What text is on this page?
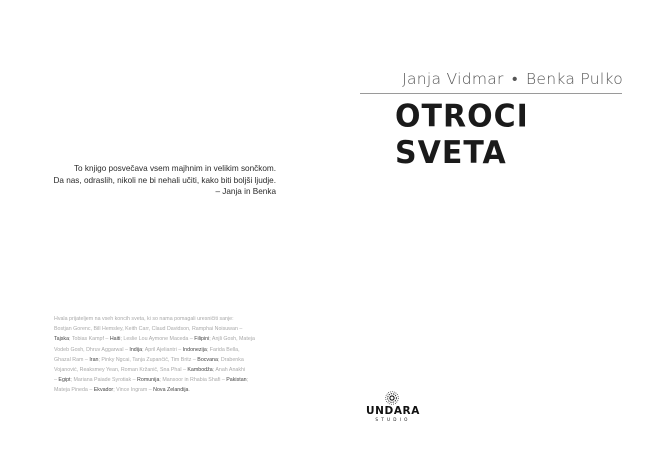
Janja Vidmar • Benka Pulko
OTROCI SVETA
To knjigo posvečava vsem majhnim in velikim sončkom.
Da nas, odraslih, nikoli ne bi nehali učiti, kako biti boljši ljudje.
– Janja in Benka
Hvala prijateljem na vseh koncih sveta, ki so nama pomagali uresničiti sanje:
Bostjan Gorenc, Bill Hemsley, Keith Carr, Claud Davidson, Ramphai Noisuwan –
Tajska; Tobias Kampf – Haiti; Leslie Lou Aymone Maceda – Filipini; Anjli Gosh, Mateja
Vodeb Gosh, Dhruv Aggarwal – Indija; April Ajeliantri – Indonezija; Farida Bella,
Ghazal Ram – Iran; Pinky Ngcai, Tanja Zupančič, Tim Britz – Bocvana; Drabenka
Vojanović, Reaksmey Yean, Roman Kržanič, Sna Phal – Kambodža; Anah Anakhi
– Egipt; Mariana Paiade Syrotiak – Romunija; Mansoor in Rhabia Shafi – Pakistan;
Mateja Pineda – Ekvador; Vince Ingram – Nova Zelandija.
UNDARA
STUDIO
